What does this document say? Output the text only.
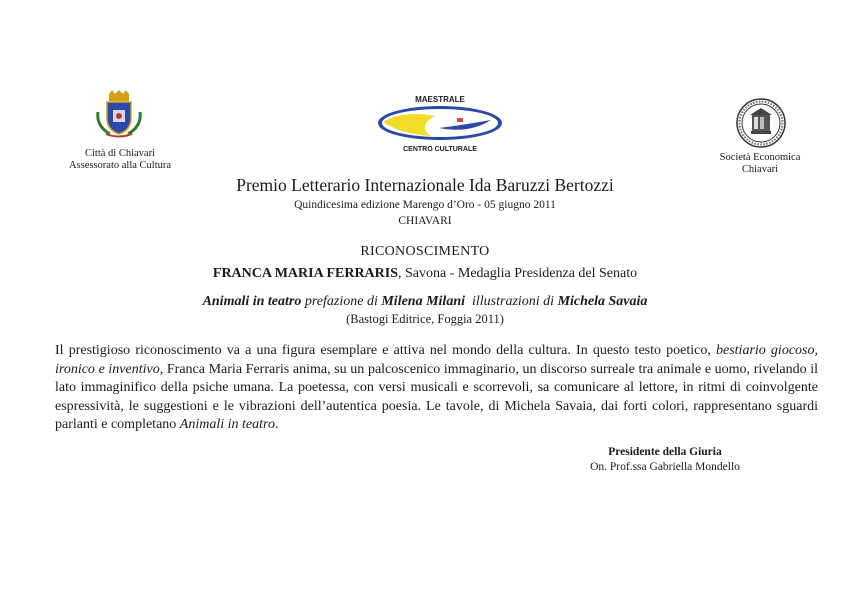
Città di Chiavari
Assessorato alla Cultura
MAESTRALE
CENTRO CULTURALE
Società Economica
Chiavari
Premio Letterario Internazionale Ida Baruzzi Bertozzi
Quindicesima edizione Marengo d’Oro - 05 giugno 2011
CHIAVARI
RICONOSCIMENTO
FRANCA MARIA FERRARIS, Savona - Medaglia Presidenza del Senato
Animali in teatro prefazione di Milena Milani  illustrazioni di Michela Savaia
(Bastogi Editrice, Foggia 2011)
Il prestigioso riconoscimento va a una figura esemplare e attiva nel mondo della cultura. In questo testo poetico, bestiario giocoso, ironico e inventivo, Franca Maria Ferraris anima, su un palcoscenico immaginario, un discorso surreale tra animale e uomo, rivelando il lato immaginifico della psiche umana. La poetessa, con versi musicali e scorrevoli, sa comunicare al lettore, in ritmi di coinvolgente espressività, le suggestioni e le vibrazioni dell’autentica poesia. Le tavole, di Michela Savaia, dai forti colori, rappresentano sguardi parlanti e completano Animali in teatro.
Presidente della Giuria
On. Prof.ssa Gabriella Mondello
